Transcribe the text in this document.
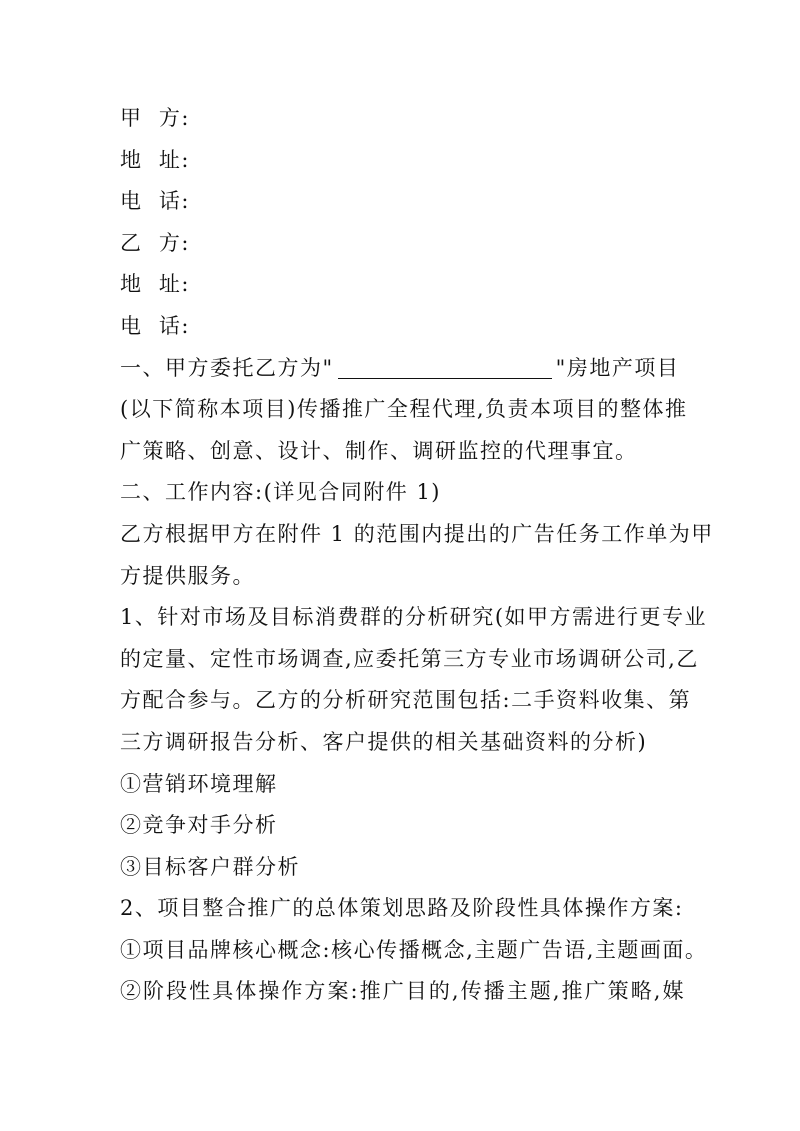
甲  方:
地  址:
电  话:
乙  方:
地  址:
电  话:
一、甲方委托乙方为"	"房地产项目
(以下简称本项目)传播推广全程代理,负责本项目的整体推
广策略、创意、设计、制作、调研监控的代理事宜。
二、工作内容:(详见合同附件 1)
乙方根据甲方在附件 1 的范围内提出的广告任务工作单为甲
方提供服务。
1、针对市场及目标消费群的分析研究(如甲方需进行更专业
的定量、定性市场调查,应委托第三方专业市场调研公司,乙
方配合参与。乙方的分析研究范围包括:二手资料收集、第
三方调研报告分析、客户提供的相关基础资料的分析)
①营销环境理解
②竞争对手分析
③目标客户群分析
2、项目整合推广的总体策划思路及阶段性具体操作方案:
①项目品牌核心概念:核心传播概念,主题广告语,主题画面。
②阶段性具体操作方案:推广目的,传播主题,推广策略,媒
